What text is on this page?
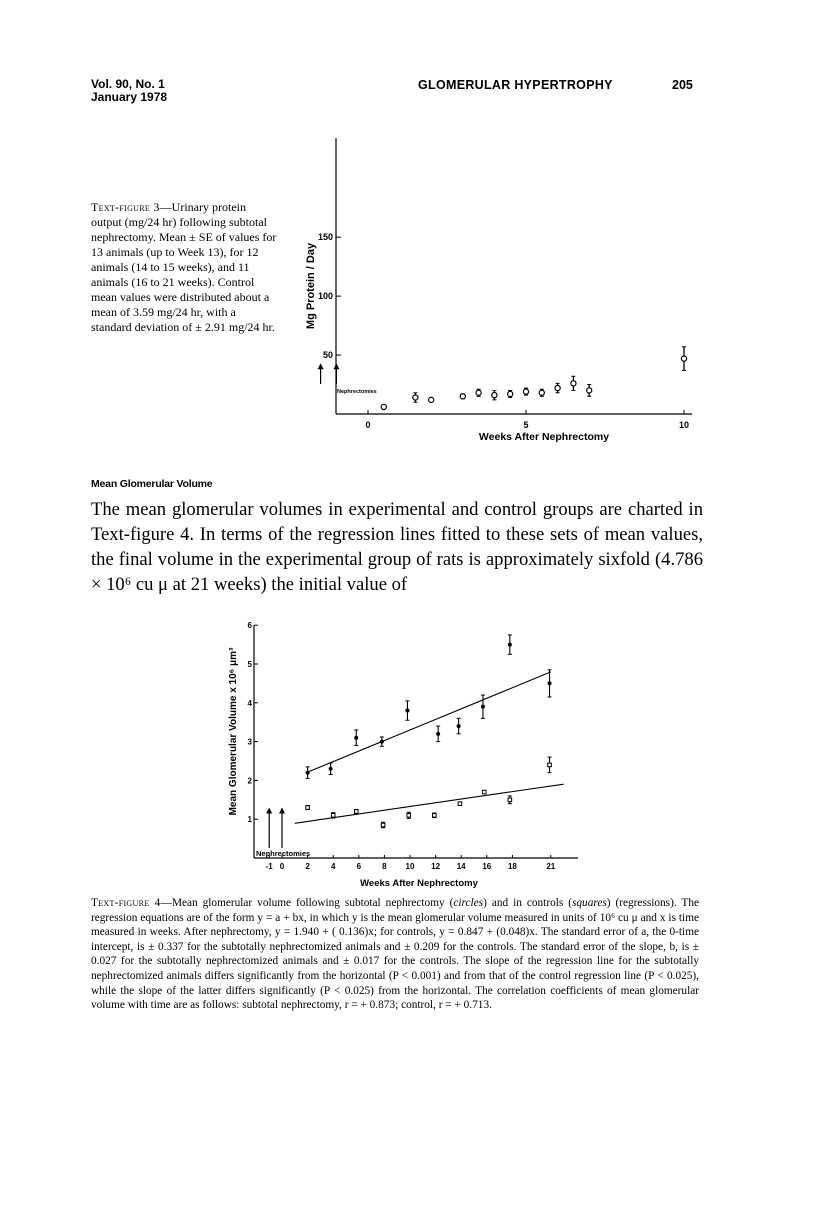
Vol. 90, No. 1
January 1978
GLOMERULAR HYPERTROPHY	205
Text-figure 3—Urinary protein output (mg/24 hr) following subtotal nephrectomy. Mean ± SE of values for 13 animals (up to Week 13), for 12 animals (14 to 15 weeks), and 11 animals (16 to 21 weeks). Control mean values were distributed about a mean of 3.59 mg/24 hr, with a standard deviation of ± 2.91 mg/24 hr.
50
100
150
0	5	10
Mg Protein / Day
Weeks After Nephrectomy
Nephrectomies
Mean Glomerular Volume
The mean glomerular volumes in experimental and control groups are charted in Text-figure 4. In terms of the regression lines fitted to these sets of mean values, the final volume in the experimental group of rats is approximately sixfold (4.786 × 10⁶ cu μ at 21 weeks) the initial value of
1
2
3
4
5
6
-1 0	2	4	6	8 10 12 14 16 18	21
Mean Glomerular Volume x 10⁶ μm³
Weeks After Nephrectomy
Nephrectomies
Text-figure 4—Mean glomerular volume following subtotal nephrectomy (circles) and in controls (squares) (regressions). The regression equations are of the form y = a + bx, in which y is the mean glomerular volume measured in units of 10⁶ cu μ and x is time measured in weeks. After nephrectomy, y = 1.940 + ( 0.136)x; for controls, y = 0.847 + (0.048)x. The standard error of a, the 0-time intercept, is ± 0.337 for the subtotally nephrectomized animals and ± 0.209 for the controls. The standard error of the slope, b, is ± 0.027 for the subtotally nephrectomized animals and ± 0.017 for the controls. The slope of the regression line for the subtotally nephrectomized animals differs significantly from the horizontal (P < 0.001) and from that of the control regression line (P < 0.025), while the slope of the latter differs significantly (P < 0.025) from the horizontal. The correlation coefficients of mean glomerular volume with time are as follows: subtotal nephrectomy, r = + 0.873; control, r = + 0.713.
